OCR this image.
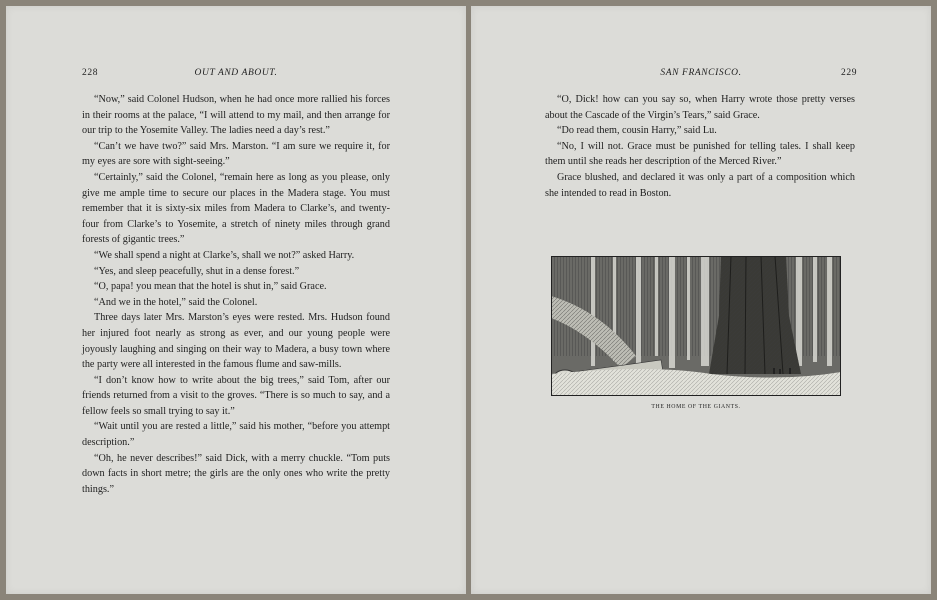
228	OUT AND ABOUT.

“Now,” said Colonel Hudson, when he had once more rallied his forces in their rooms at the palace, “I will attend to my mail, and then arrange for our trip to the Yosemite Valley. The ladies need a day’s rest.”

“Can’t we have two?” said Mrs. Marston. “I am sure we require it, for my eyes are sore with sight-seeing.”

“Certainly,” said the Colonel, “remain here as long as you please, only give me ample time to secure our places in the Madera stage. You must remember that it is sixty-six miles from Madera to Clarke’s, and twenty-four from Clarke’s to Yosemite, a stretch of ninety miles through grand forests of gigantic trees.”

“We shall spend a night at Clarke’s, shall we not?” asked Harry.

“Yes, and sleep peacefully, shut in a dense forest.”

“O, papa! you mean that the hotel is shut in,” said Grace.

“And we in the hotel,” said the Colonel.

Three days later Mrs. Marston’s eyes were rested. Mrs. Hudson found her injured foot nearly as strong as ever, and our young people were joyously laughing and singing on their way to Madera, a busy town where the party were all interested in the famous flume and saw-mills.

“I don’t know how to write about the big trees,” said Tom, after our friends returned from a visit to the groves. “There is so much to say, and a fellow feels so small trying to say it.”

“Wait until you are rested a little,” said his mother, “before you attempt description.”

“Oh, he never describes!” said Dick, with a merry chuckle. “Tom puts down facts in short metre; the girls are the only ones who write the pretty things.”

SAN FRANCISCO.	229

“O, Dick! how can you say so, when Harry wrote those pretty verses about the Cascade of the Virgin’s Tears,” said Grace.

“Do read them, cousin Harry,” said Lu.

“No, I will not. Grace must be punished for telling tales. I shall keep them until she reads her description of the Merced River.”

Grace blushed, and declared it was only a part of a composition which she intended to read in Boston.

THE HOME OF THE GIANTS.
